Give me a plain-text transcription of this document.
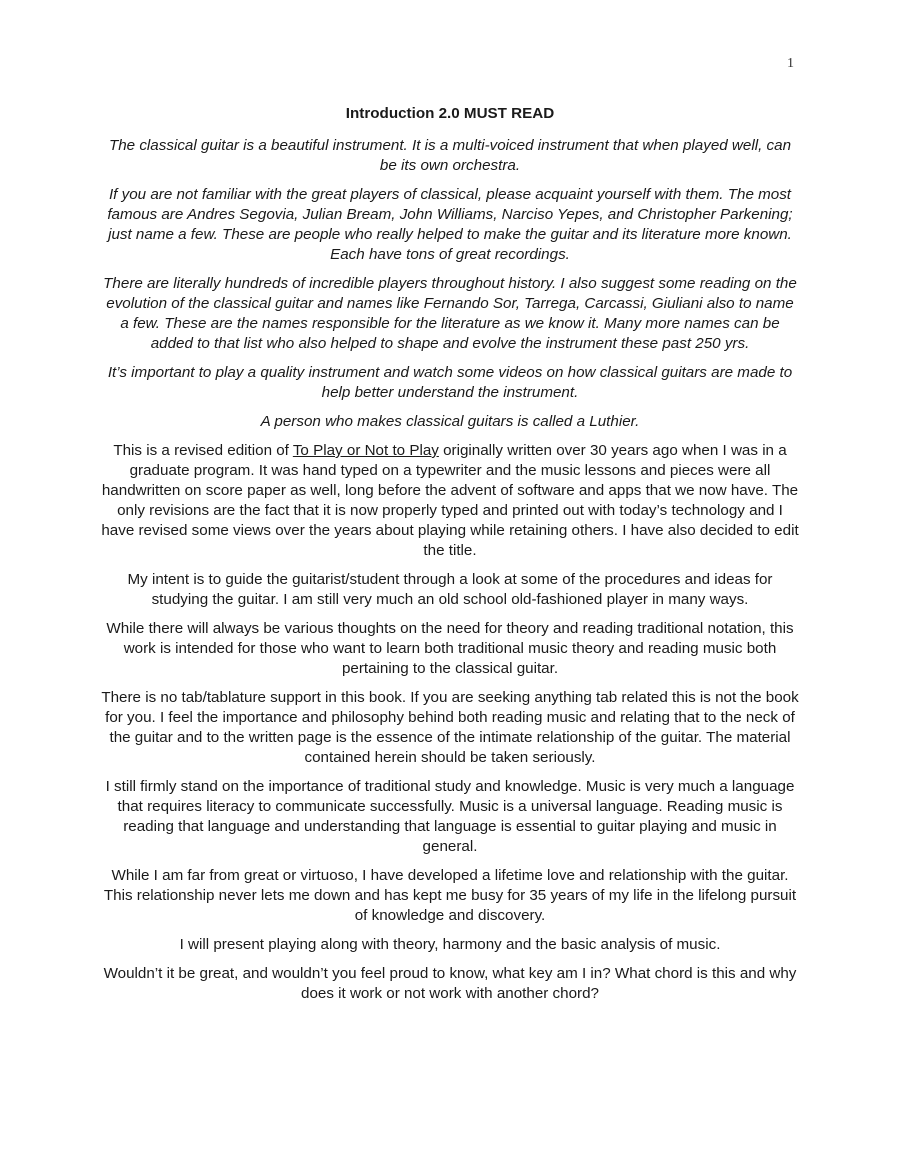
1
Introduction 2.0 MUST READ

The classical guitar is a beautiful instrument. It is a multi-voiced instrument that when played well, can be its own orchestra.

If you are not familiar with the great players of classical, please acquaint yourself with them. The most famous are Andres Segovia, Julian Bream, John Williams, Narciso Yepes, and Christopher Parkening; just name a few. These are people who really helped to make the guitar and its literature more known. Each have tons of great recordings.

There are literally hundreds of incredible players throughout history. I also suggest some reading on the evolution of the classical guitar and names like Fernando Sor, Tarrega, Carcassi, Giuliani also to name a few. These are the names responsible for the literature as we know it. Many more names can be added to that list who also helped to shape and evolve the instrument these past 250 yrs.

It’s important to play a quality instrument and watch some videos on how classical guitars are made to help better understand the instrument.

A person who makes classical guitars is called a Luthier.

This is a revised edition of To Play or Not to Play originally written over 30 years ago when I was in a graduate program. It was hand typed on a typewriter and the music lessons and pieces were all handwritten on score paper as well, long before the advent of software and apps that we now have. The only revisions are the fact that it is now properly typed and printed out with today’s technology and I have revised some views over the years about playing while retaining others. I have also decided to edit the title.

My intent is to guide the guitarist/student through a look at some of the procedures and ideas for studying the guitar. I am still very much an old school old-fashioned player in many ways.

While there will always be various thoughts on the need for theory and reading traditional notation, this work is intended for those who want to learn both traditional music theory and reading music both pertaining to the classical guitar.

There is no tab/tablature support in this book. If you are seeking anything tab related this is not the book for you. I feel the importance and philosophy behind both reading music and relating that to the neck of the guitar and to the written page is the essence of the intimate relationship of the guitar. The material contained herein should be taken seriously.

I still firmly stand on the importance of traditional study and knowledge. Music is very much a language that requires literacy to communicate successfully. Music is a universal language. Reading music is reading that language and understanding that language is essential to guitar playing and music in general.

While I am far from great or virtuoso, I have developed a lifetime love and relationship with the guitar. This relationship never lets me down and has kept me busy for 35 years of my life in the lifelong pursuit of knowledge and discovery.

I will present playing along with theory, harmony and the basic analysis of music.

Wouldn’t it be great, and wouldn’t you feel proud to know, what key am I in? What chord is this and why does it work or not work with another chord?
